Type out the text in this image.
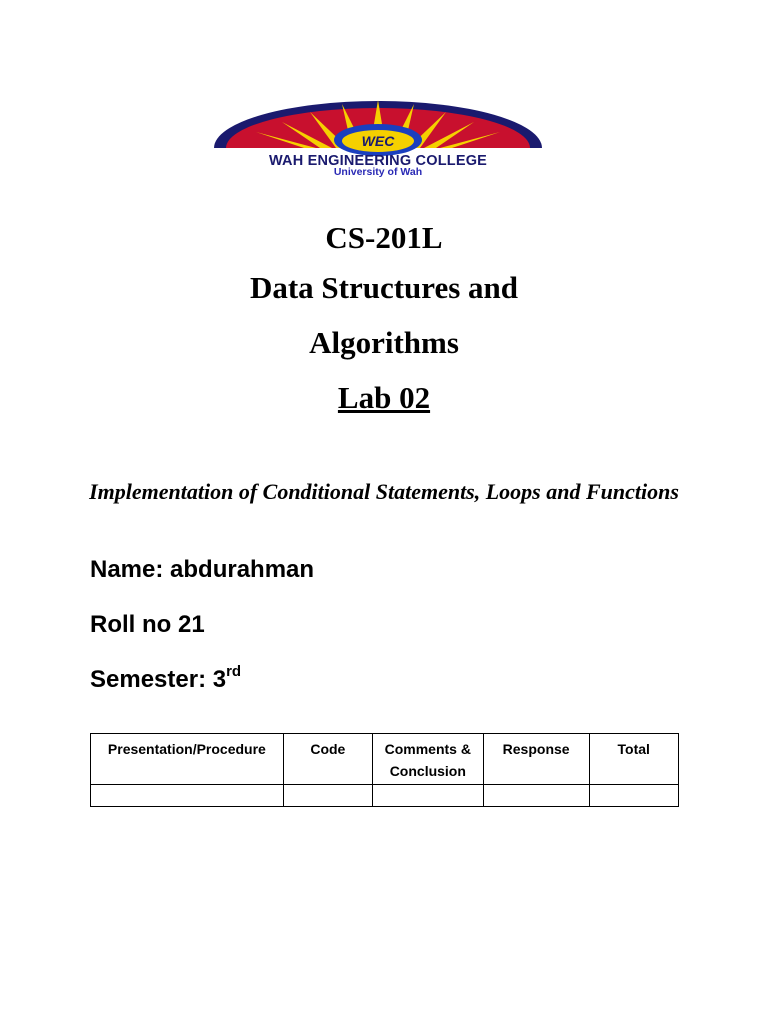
WEC
WAH ENGINEERING COLLEGE
University of Wah
CS-201L
Data Structures and
Algorithms
Lab 02
Implementation of Conditional Statements, Loops and Functions
Name: abdurahman
Roll no 21
Semester: 3rd
Presentation/Procedure	Code	Comments & Conclusion	Response	Total
